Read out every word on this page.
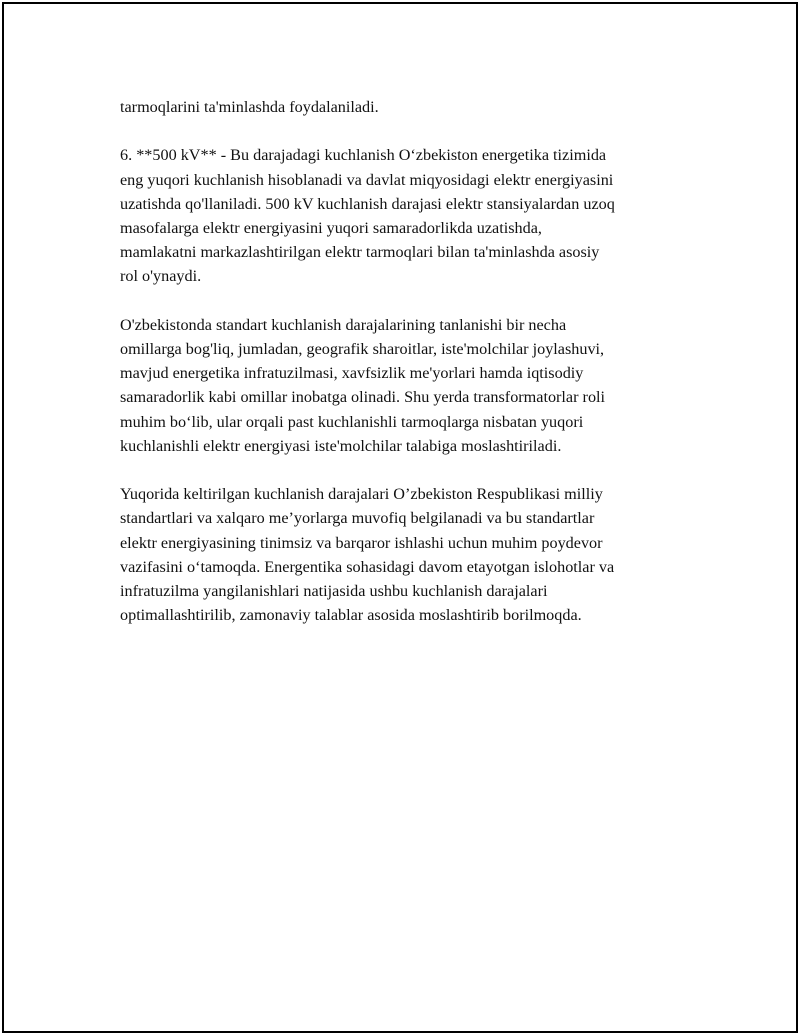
tarmoqlarini ta'minlashda foydalaniladi.

6. **500 kV** - Bu darajadagi kuchlanish O‘zbekiston energetika tizimida
eng yuqori kuchlanish hisoblanadi va davlat miqyosidagi elektr energiyasini
uzatishda qo'llaniladi. 500 kV kuchlanish darajasi elektr stansiyalardan uzoq
masofalarga elektr energiyasini yuqori samaradorlikda uzatishda,
mamlakatni markazlashtirilgan elektr tarmoqlari bilan ta'minlashda asosiy
rol o'ynaydi.

O'zbekistonda standart kuchlanish darajalarining tanlanishi bir necha
omillarga bog'liq, jumladan, geografik sharoitlar, iste'molchilar joylashuvi,
mavjud energetika infratuzilmasi, xavfsizlik me'yorlari hamda iqtisodiy
samaradorlik kabi omillar inobatga olinadi. Shu yerda transformatorlar roli
muhim bo‘lib, ular orqali past kuchlanishli tarmoqlarga nisbatan yuqori
kuchlanishli elektr energiyasi iste'molchilar talabiga moslashtiriladi.

Yuqorida keltirilgan kuchlanish darajalari O’zbekiston Respublikasi milliy
standartlari va xalqaro me’yorlarga muvofiq belgilanadi va bu standartlar
elektr energiyasining tinimsiz va barqaror ishlashi uchun muhim poydevor
vazifasini o‘tamoqda. Energentika sohasidagi davom etayotgan islohotlar va
infratuzilma yangilanishlari natijasida ushbu kuchlanish darajalari
optimallashtirilib, zamonaviy talablar asosida moslashtirib borilmoqda.
